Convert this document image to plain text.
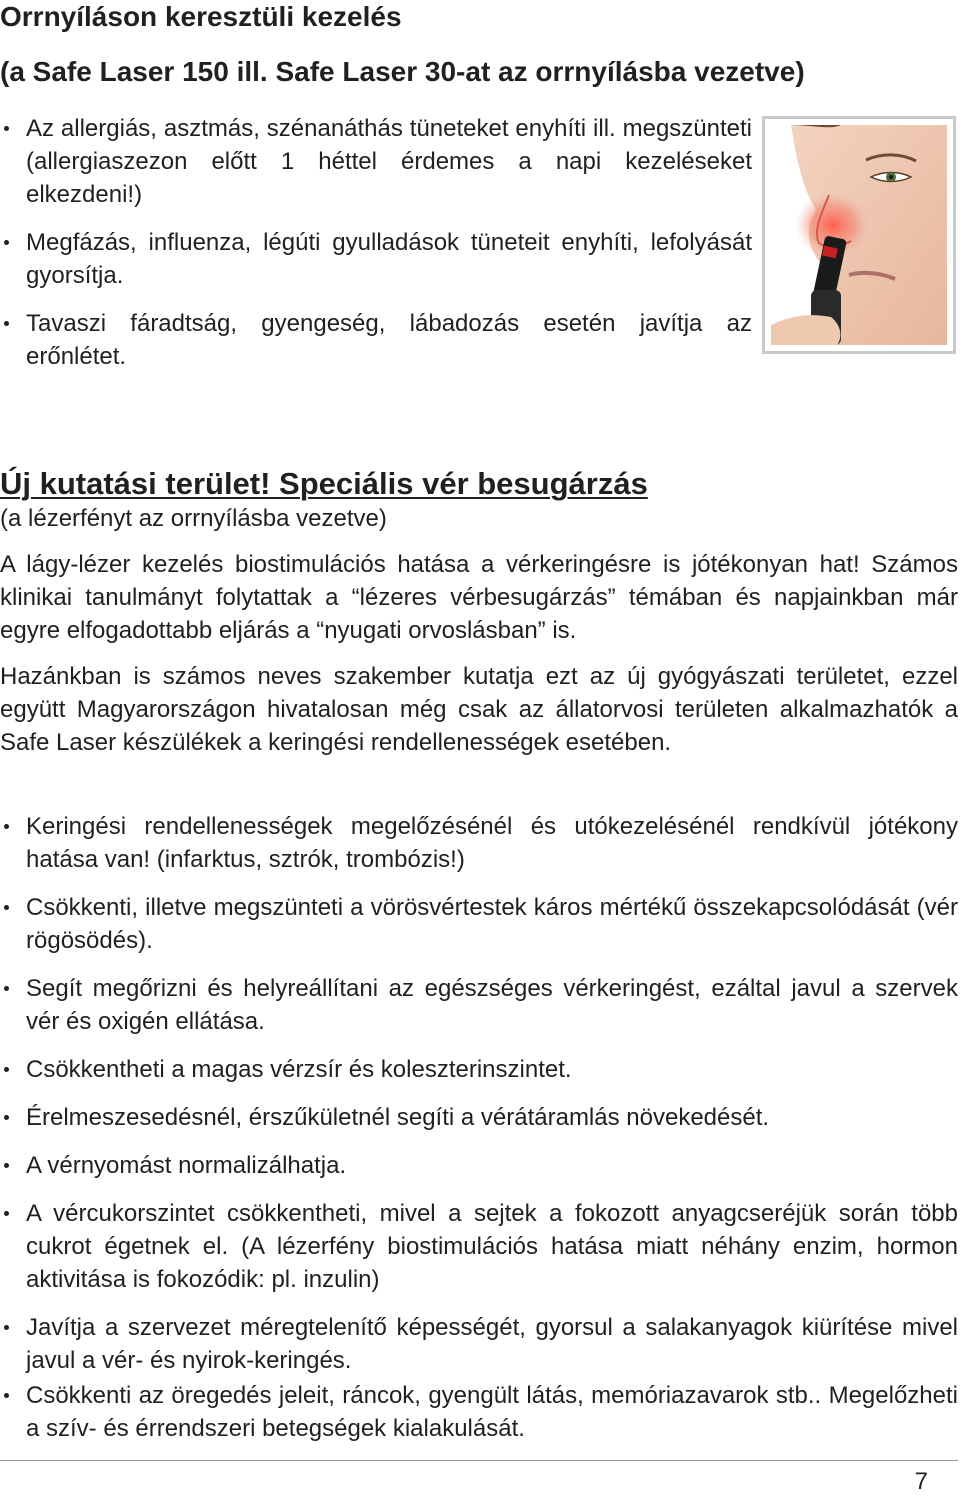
Orrnyíláson keresztüli kezelés
(a Safe Laser 150 ill. Safe Laser 30-at az orrnyílásba vezetve)
Az allergiás, asztmás, szénanáthás tüneteket enyhíti ill. megszünteti (allergiaszezon előtt 1 héttel érdemes a napi kezeléseket elkezdeni!)
Megfázás, influenza, légúti gyulladások tüneteit enyhíti, lefolyását gyorsítja.
Tavaszi fáradtság, gyengeség, lábadozás esetén javítja az erőnlétet.
Új kutatási terület! Speciális vér besugárzás
(a lézerfényt az orrnyílásba vezetve)

A lágy-lézer kezelés biostimulációs hatása a vérkeringésre is jótékonyan hat! Számos klinikai tanulmányt folytattak a “lézeres vérbesugárzás” témában és napjainkban már egyre elfogadottabb eljárás a “nyugati orvoslásban” is.

Hazánkban is számos neves szakember kutatja ezt az új gyógyászati területet, ezzel együtt Magyarországon hivatalosan még csak az állatorvosi területen alkalmazhatók a Safe Laser készülékek a keringési rendellenességek esetében.

Keringési rendellenességek megelőzésénél és utókezelésénél rendkívül jótékony hatása van! (infarktus, sztrók, trombózis!)
Csökkenti, illetve megszünteti a vörösvértestek káros mértékű összekapcsolódását (vér rögösödés).
Segít megőrizni és helyreállítani az egészséges vérkeringést, ezáltal javul a szervek vér és oxigén ellátása.
Csökkentheti a magas vérzsír és koleszterinszintet.
Érelmeszesedésnél, érszűkületnél segíti a vérátáramlás növekedését.
A vérnyomást normalizálhatja.
A vércukorszintet csökkentheti, mivel a sejtek a fokozott anyagcseréjük során több cukrot égetnek el. (A lézerfény biostimulációs hatása miatt néhány enzim, hormon aktivitása is fokozódik: pl. inzulin)
Javítja a szervezet méregtelenítő képességét, gyorsul a salakanyagok kiürítése mivel javul a vér- és nyirok-keringés.
Csökkenti az öregedés jeleit, ráncok, gyengült látás, memóriazavarok stb.. Megelőzheti a szív- és érrendszeri betegségek kialakulását.
7
